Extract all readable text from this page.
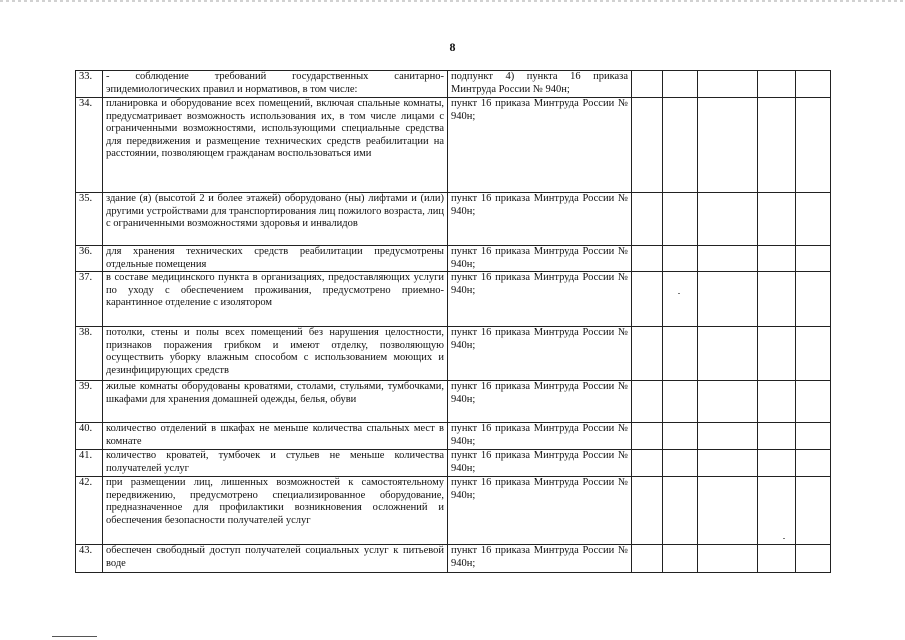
8
33.	- соблюдение требований государственных санитарно-эпидемиологических правил и нормативов, в том числе:	подпункт 4) пункта 16 приказа Минтруда России № 940н;					
34.	планировка и оборудование всех помещений, включая спальные комнаты, предусматривает возможность использования их, в том числе лицами с ограниченными возможностями, использующими специальные средства для передвижения и размещение технических средств реабилитации на расстоянии, позволяющем гражданам воспользоваться ими	пункт 16 приказа Минтруда России № 940н;					
35.	здание (я) (высотой 2 и более этажей) оборудовано (ны) лифтами и (или) другими устройствами для транспортирования лиц пожилого возраста, лиц с ограниченными возможностями здоровья и инвалидов	пункт 16 приказа Минтруда России № 940н;					
36.	для хранения технических средств реабилитации предусмотрены отдельные помещения	пункт 16 приказа Минтруда России № 940н;					
37.	в составе медицинского пункта в организациях, предоставляющих услуги по уходу с обеспечением проживания, предусмотрено приемно-карантинное отделение с изолятором	пункт 16 приказа Минтруда России № 940н;					
38.	потолки, стены и полы всех помещений без нарушения целостности, признаков поражения грибком и имеют отделку, позволяющую осуществить уборку влажным способом с использованием моющих и дезинфицирующих средств	пункт 16 приказа Минтруда России № 940н;					
39.	жилые комнаты оборудованы кроватями, столами, стульями, тумбочками, шкафами для хранения домашней одежды, белья, обуви	пункт 16 приказа Минтруда России № 940н;					
40.	количество отделений в шкафах не меньше количества спальных мест в комнате	пункт 16 приказа Минтруда России № 940н;					
41.	количество кроватей, тумбочек и стульев не меньше количества получателей услуг	пункт 16 приказа Минтруда России № 940н;					
42.	при размещении лиц, лишенных возможностей к самостоятельному передвижению, предусмотрено специализированное оборудование, предназначенное для профилактики возникновения осложнений и обеспечения безопасности получателей услуг	пункт 16 приказа Минтруда России № 940н;					
43.	обеспечен свободный доступ получателей социальных услуг к питьевой воде	пункт 16 приказа Минтруда России № 940н;					
